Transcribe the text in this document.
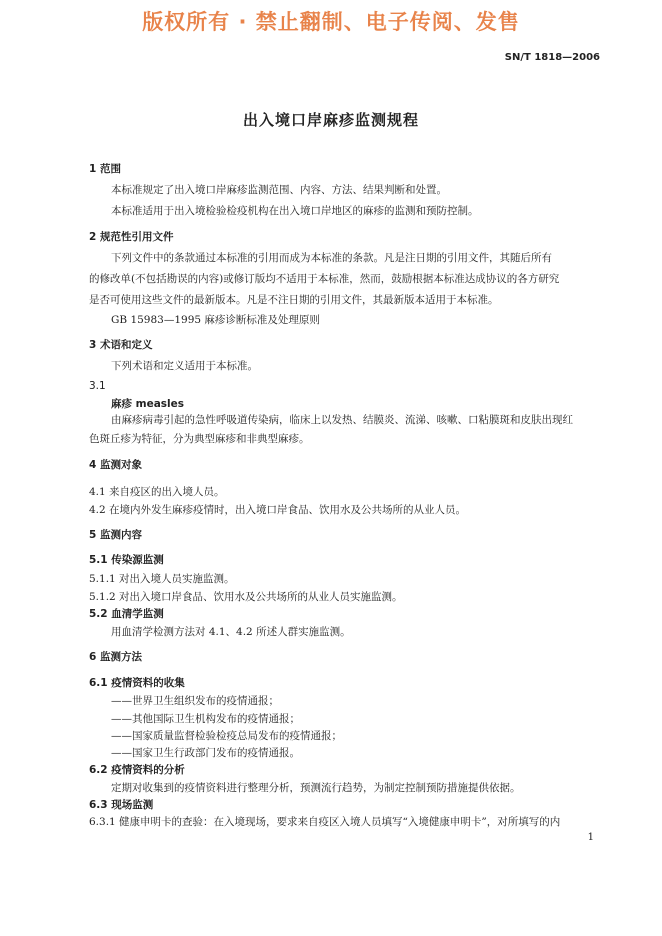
版权所有 · 禁止翻制、电子传阅、发售
SN/T 1818—2006
出入境口岸麻疹监测规程
1 范围
本标准规定了出入境口岸麻疹监测范围、内容、方法、结果判断和处置。
本标准适用于出入境检验检疫机构在出入境口岸地区的麻疹的监测和预防控制。
2 规范性引用文件
下列文件中的条款通过本标准的引用而成为本标准的条款。凡是注日期的引用文件，其随后所有
的修改单(不包括勘误的内容)或修订版均不适用于本标准，然而，鼓励根据本标准达成协议的各方研究
是否可使用这些文件的最新版本。凡是不注日期的引用文件，其最新版本适用于本标准。
GB 15983—1995 麻疹诊断标准及处理原则
3 术语和定义
下列术语和定义适用于本标准。
3.1
麻疹 measles
由麻疹病毒引起的急性呼吸道传染病，临床上以发热、结膜炎、流涕、咳嗽、口粘膜斑和皮肤出现红
色斑丘疹为特征，分为典型麻疹和非典型麻疹。
4 监测对象
4.1 来自疫区的出入境人员。
4.2 在境内外发生麻疹疫情时，出入境口岸食品、饮用水及公共场所的从业人员。
5 监测内容
5.1 传染源监测
5.1.1 对出入境人员实施监测。
5.1.2 对出入境口岸食品、饮用水及公共场所的从业人员实施监测。
5.2 血清学监测
用血清学检测方法对 4.1、4.2 所述人群实施监测。
6 监测方法
6.1 疫情资料的收集
——世界卫生组织发布的疫情通报；
——其他国际卫生机构发布的疫情通报；
——国家质量监督检验检疫总局发布的疫情通报；
——国家卫生行政部门发布的疫情通报。
6.2 疫情资料的分析
定期对收集到的疫情资料进行整理分析，预测流行趋势，为制定控制预防措施提供依据。
6.3 现场监测
6.3.1 健康申明卡的查验：在入境现场，要求来自疫区入境人员填写“入境健康申明卡”，对所填写的内
1
